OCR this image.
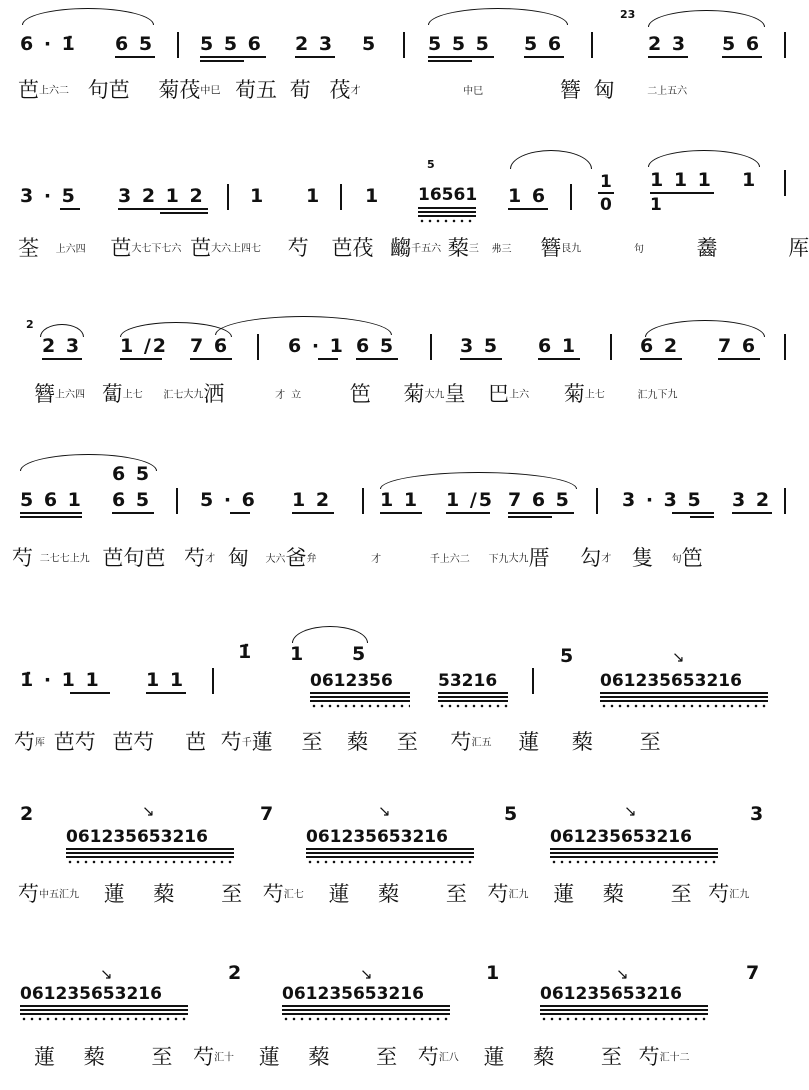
23
6 · 1̇ 6 5 5 5 6 2 3 5	5 5 5 5 6	2 3 5 6
芭上六二 句芭 菊茷中巳 荀五 荀 茷才	中巳	簪 匈	二上五六
5
3 · 5 3 2 1 2 1 1 1 16561 1 6
1
0
1 1 1
1
1
荃 上六四 芭大七下七六 芭大六上四七 芍 芭茷 齺千五六 蔾三 弗三 簪艮九	句	齹	厍
2
2 3 1 /2 7 6	6 · 1 6 5	3 5 6 1	6 2 7 6
簪上六四 蔔上七 汇七大九洒	才 立 笆 菊大九皇 巴上六 菊上七	汇九下九
6 5
5 6 1 6 5	5 · 6 1 2	1 1 1 /5 7 6 5	3 · 3 5 3 2
芍 二七七上九 芭句芭 芍才 匈 大六爸弁	才	千上六二 下九大九厝 勾才 隻 句笆
↘
1̇ · 1 1 1 1
1̇ 1 5
0612356	53216
5
061235653216
芍厍 芭芍 芭芍 芭 芍千蓮 至 蔾 至 芍汇五 蓮 蔾 至
2	↘
061235653216
7	↘
061235653216
5	↘
061235653216
3
芍中五汇九 蓮 蔾 至 芍汇七 蓮 蔾 至 芍汇九 蓮 蔾 至 芍汇九
↘
061235653216
2	↘
061235653216
1	↘
061235653216
7
蓮 蔾 至 芍汇十 蓮 蔾 至 芍汇八 蓮 蔾 至 芍汇十二
